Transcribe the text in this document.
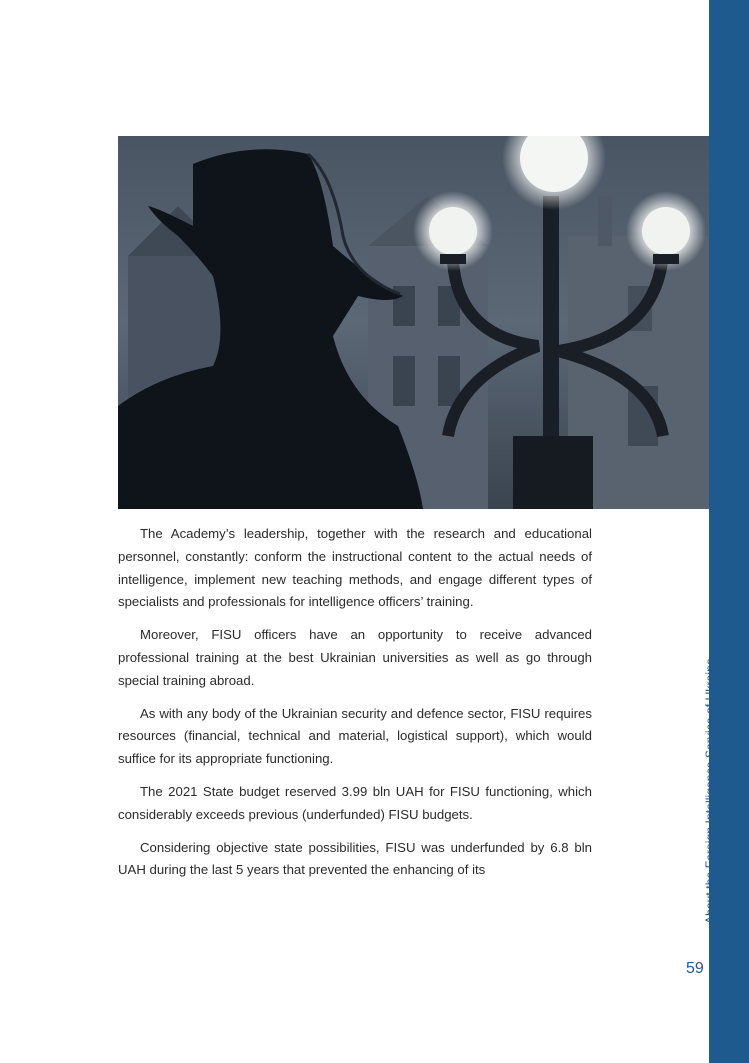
The Academy’s leadership, together with the research and educational personnel, constantly: conform the instructional content to the actual needs of intelligence, implement new teaching methods, and engage different types of specialists and professionals for intelligence officers’ training.

Moreover, FISU officers have an opportunity to receive advanced professional training at the best Ukrainian universities as well as go through special training abroad.

As with any body of the Ukrainian security and defence sector, FISU requires resources (financial, technical and material, logistical support), which would suffice for its appropriate functioning.

The 2021 State budget reserved 3.99 bln UAH for FISU functioning, which considerably exceeds previous (underfunded) FISU budgets.

Considering objective state possibilities, FISU was underfunded by 6.8 bln UAH during the last 5 years that prevented the enhancing of its	About the Foreign Intelligence Service of Ukraine
59
